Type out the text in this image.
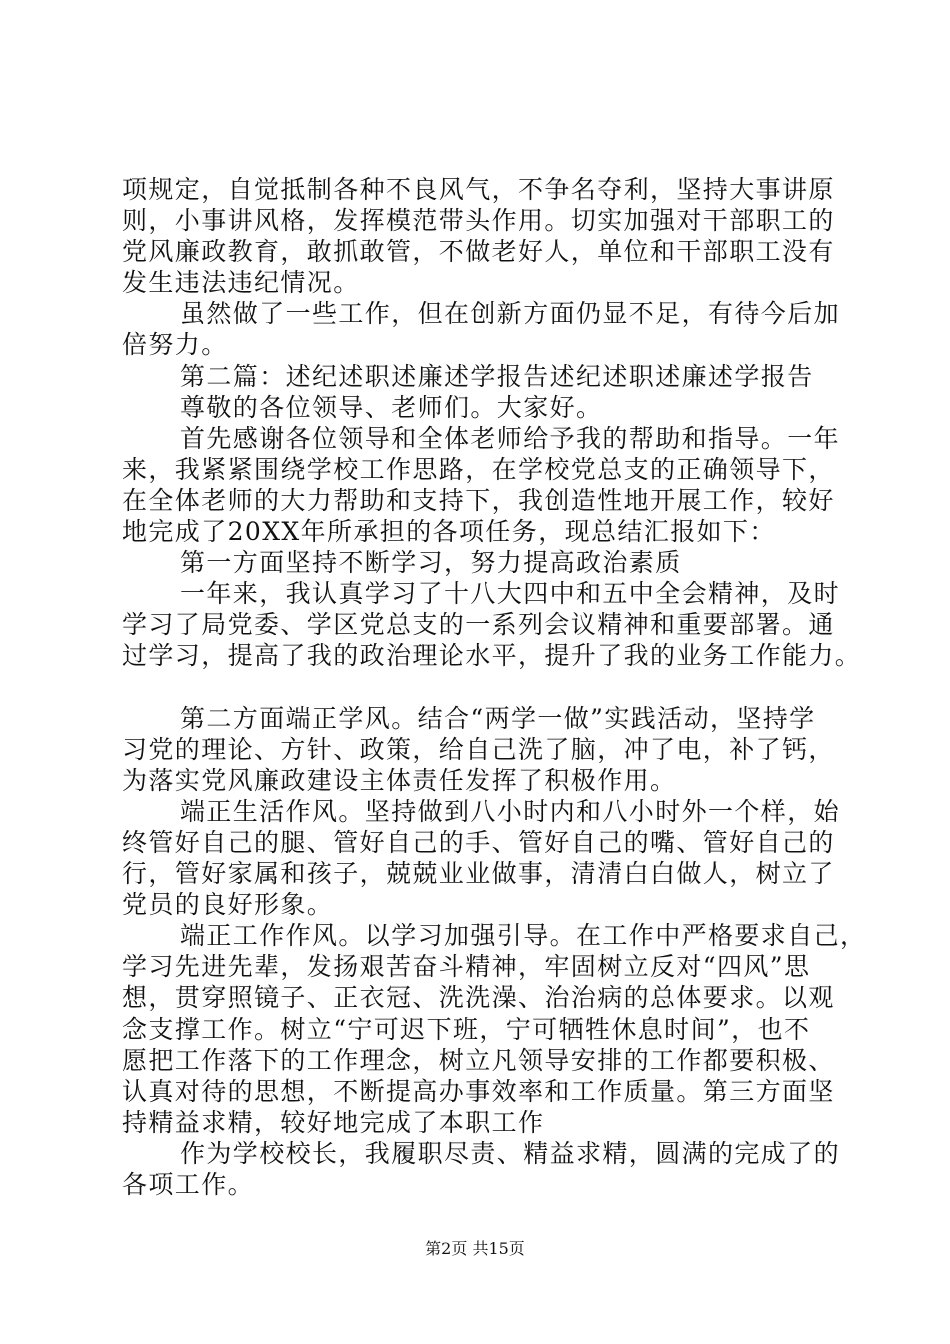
项规定，自觉抵制各种不良风气，不争名夺利，坚持大事讲原
则，小事讲风格，发挥模范带头作用。切实加强对干部职工的
党风廉政教育，敢抓敢管，不做老好人，单位和干部职工没有
发生违法违纪情况。
虽然做了一些工作，但在创新方面仍显不足，有待今后加
倍努力。
第二篇：述纪述职述廉述学报告述纪述职述廉述学报告
尊敬的各位领导、老师们。大家好。
首先感谢各位领导和全体老师给予我的帮助和指导。一年
来，我紧紧围绕学校工作思路，在学校党总支的正确领导下，
在全体老师的大力帮助和支持下，我创造性地开展工作，较好
地完成了20XX年所承担的各项任务，现总结汇报如下：
第一方面坚持不断学习，努力提高政治素质
一年来，我认真学习了十八大四中和五中全会精神，及时
学习了局党委、学区党总支的一系列会议精神和重要部署。通
过学习，提高了我的政治理论水平，提升了我的业务工作能力。
第二方面端正学风。结合“两学一做”实践活动，坚持学
习党的理论、方针、政策，给自己洗了脑，冲了电，补了钙，
为落实党风廉政建设主体责任发挥了积极作用。
端正生活作风。坚持做到八小时内和八小时外一个样，始
终管好自己的腿、管好自己的手、管好自己的嘴、管好自己的
行，管好家属和孩子，兢兢业业做事，清清白白做人，树立了
党员的良好形象。
端正工作作风。以学习加强引导。在工作中严格要求自己，
学习先进先辈，发扬艰苦奋斗精神，牢固树立反对“四风”思
想，贯穿照镜子、正衣冠、洗洗澡、治治病的总体要求。以观
念支撑工作。树立“宁可迟下班，宁可牺牲休息时间”，也不
愿把工作落下的工作理念，树立凡领导安排的工作都要积极、
认真对待的思想，不断提高办事效率和工作质量。第三方面坚
持精益求精，较好地完成了本职工作
作为学校校长，我履职尽责、精益求精，圆满的完成了的
各项工作。
第2页 共15页
